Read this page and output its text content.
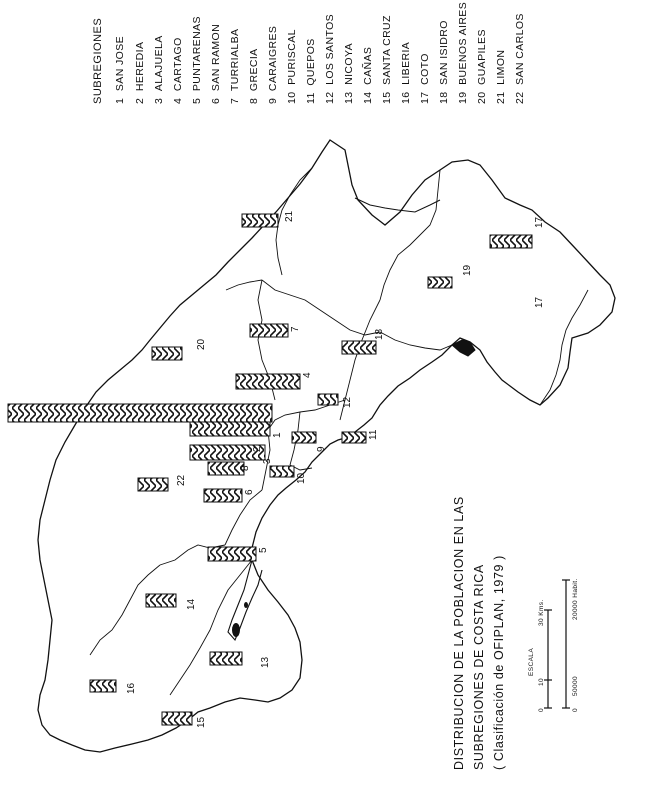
1
2
3
4
5
6
7
8
9
10
11
12
13
14
15
16
17
17
18
19
20
21
22
SUBREGIONES 1  SAN JOSE
2  HEREDIA
3  ALAJUELA
4  CARTAGO
5  PUNTARENAS
6  SAN RAMON
7  TURRIALBA
8  GRECIA
9  CARAIGRES
10  PURISCAL
11  QUEPOS
12  LOS SANTOS
13  NICOYA
14  CAÑAS
15  SANTA CRUZ
16  LIBERIA
17  COTO
18  SAN ISIDRO
19  BUENOS AIRES
20  GUAPILES
21  LIMON
22  SAN CARLOS
DISTRIBUCION DE LA POBLACION EN LAS SUBREGIONES DE COSTA RICA ( Clasificación de OFIPLAN, 1979 )	ESCALA
0
10
30 Kms.
0
50000
20000 Habit.
